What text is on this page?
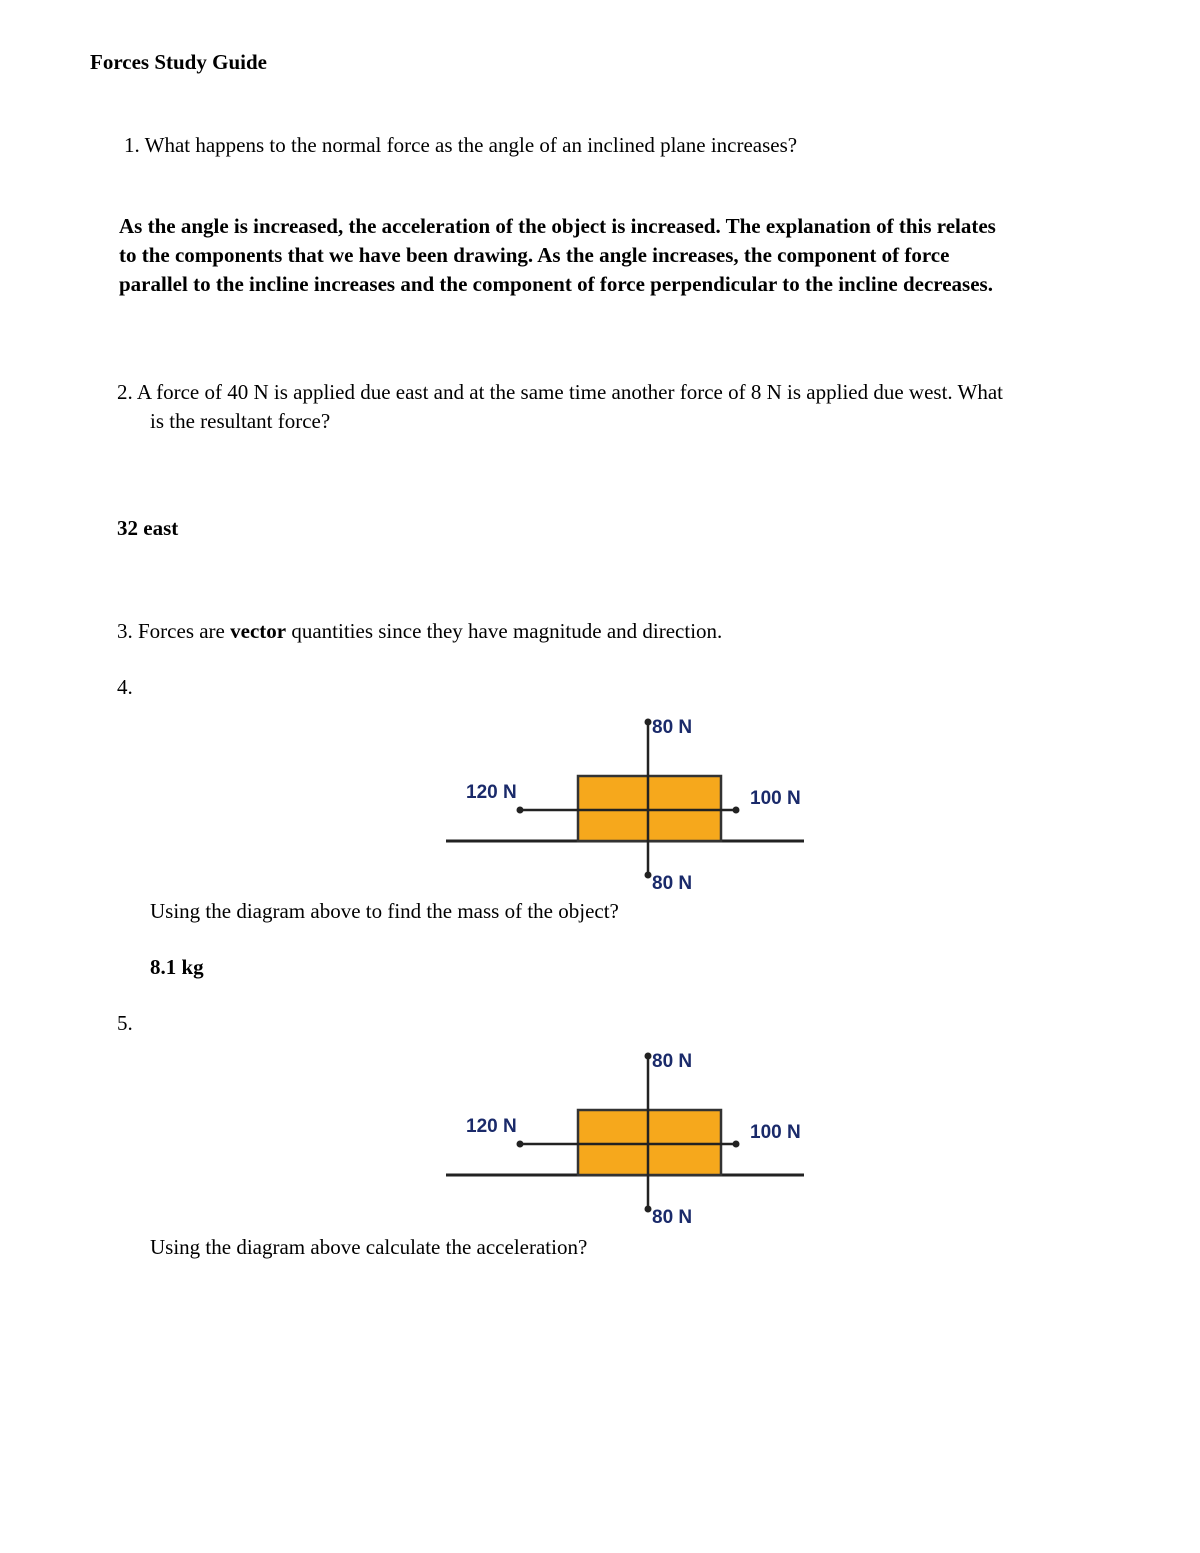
Forces Study Guide
1. What happens to the normal force as the angle of an inclined plane increases?
As the angle is increased, the acceleration of the object is increased. The explanation of this relates
to the components that we have been drawing. As the angle increases, the component of force
parallel to the incline increases and the component of force perpendicular to the incline decreases.
2. A force of 40 N is applied due east and at the same time another force of 8 N is applied due west. What
is the resultant force?
32 east
3. Forces are vector quantities since they have magnitude and direction.
4.
80 N
120 N	100 N
80 N
Using the diagram above to find the mass of the object?
8.1 kg
5.
80 N
120 N	100 N
80 N
Using the diagram above calculate the acceleration?
